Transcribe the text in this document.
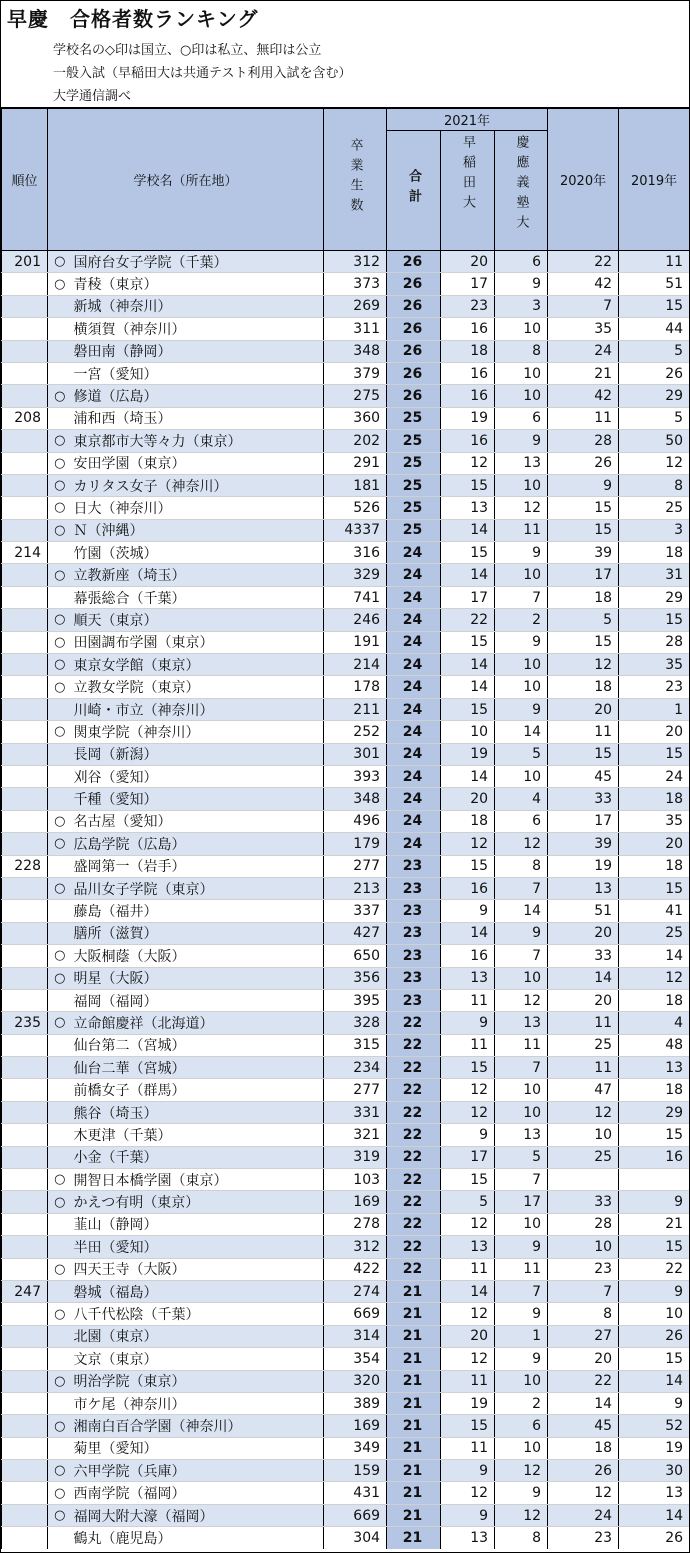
早慶　合格者数ランキング
学校名の◇印は国立、○印は私立、無印は公立
一般入試（早稲田大は共通テスト利用入試を含む）
大学通信調べ
順位	学校名（所在地）		卒業生数	2021年			2020年	2019年
				合計	早稲田大	慶應義塾大		
201	○	国府台女子学院（千葉）	312	26	20	6	22	11
	○	青稜（東京）	373	26	17	9	42	51
		新城（神奈川）	269	26	23	3	7	15
		横須賀（神奈川）	311	26	16	10	35	44
		磐田南（静岡）	348	26	18	8	24	5
		一宮（愛知）	379	26	16	10	21	26
	○	修道（広島）	275	26	16	10	42	29
208		浦和西（埼玉）	360	25	19	6	11	5
	○	東京都市大等々力（東京）	202	25	16	9	28	50
	○	安田学園（東京）	291	25	12	13	26	12
	○	カリタス女子（神奈川）	181	25	15	10	9	8
	○	日大（神奈川）	526	25	13	12	15	25
	○	Ｎ（沖縄）	4337	25	14	11	15	3
214		竹園（茨城）	316	24	15	9	39	18
	○	立教新座（埼玉）	329	24	14	10	17	31
		幕張総合（千葉）	741	24	17	7	18	29
	○	順天（東京）	246	24	22	2	5	15
	○	田園調布学園（東京）	191	24	15	9	15	28
	○	東京女学館（東京）	214	24	14	10	12	35
	○	立教女学院（東京）	178	24	14	10	18	23
		川崎・市立（神奈川）	211	24	15	9	20	1
	○	関東学院（神奈川）	252	24	10	14	11	20
		長岡（新潟）	301	24	19	5	15	15
		刈谷（愛知）	393	24	14	10	45	24
		千種（愛知）	348	24	20	4	33	18
	○	名古屋（愛知）	496	24	18	6	17	35
	○	広島学院（広島）	179	24	12	12	39	20
228		盛岡第一（岩手）	277	23	15	8	19	18
	○	品川女子学院（東京）	213	23	16	7	13	15
		藤島（福井）	337	23	9	14	51	41
		膳所（滋賀）	427	23	14	9	20	25
	○	大阪桐蔭（大阪）	650	23	16	7	33	14
	○	明星（大阪）	356	23	13	10	14	12
		福岡（福岡）	395	23	11	12	20	18
235	○	立命館慶祥（北海道）	328	22	9	13	11	4
		仙台第二（宮城）	315	22	11	11	25	48
		仙台二華（宮城）	234	22	15	7	11	13
		前橋女子（群馬）	277	22	12	10	47	18
		熊谷（埼玉）	331	22	12	10	12	29
		木更津（千葉）	321	22	9	13	10	15
		小金（千葉）	319	22	17	5	25	16
	○	開智日本橋学園（東京）	103	22	15	7		
	○	かえつ有明（東京）	169	22	5	17	33	9
		韮山（静岡）	278	22	12	10	28	21
		半田（愛知）	312	22	13	9	10	15
	○	四天王寺（大阪）	422	22	11	11	23	22
247		磐城（福島）	274	21	14	7	7	9
	○	八千代松陰（千葉）	669	21	12	9	8	10
		北園（東京）	314	21	20	1	27	26
		文京（東京）	354	21	12	9	20	15
	○	明治学院（東京）	320	21	11	10	22	14
		市ケ尾（神奈川）	389	21	19	2	14	9
	○	湘南白百合学園（神奈川）	169	21	15	6	45	52
		菊里（愛知）	349	21	11	10	18	19
	○	六甲学院（兵庫）	159	21	9	12	26	30
	○	西南学院（福岡）	431	21	12	9	12	13
	○	福岡大附大濠（福岡）	669	21	9	12	24	14
		鶴丸（鹿児島）	304	21	13	8	23	26
